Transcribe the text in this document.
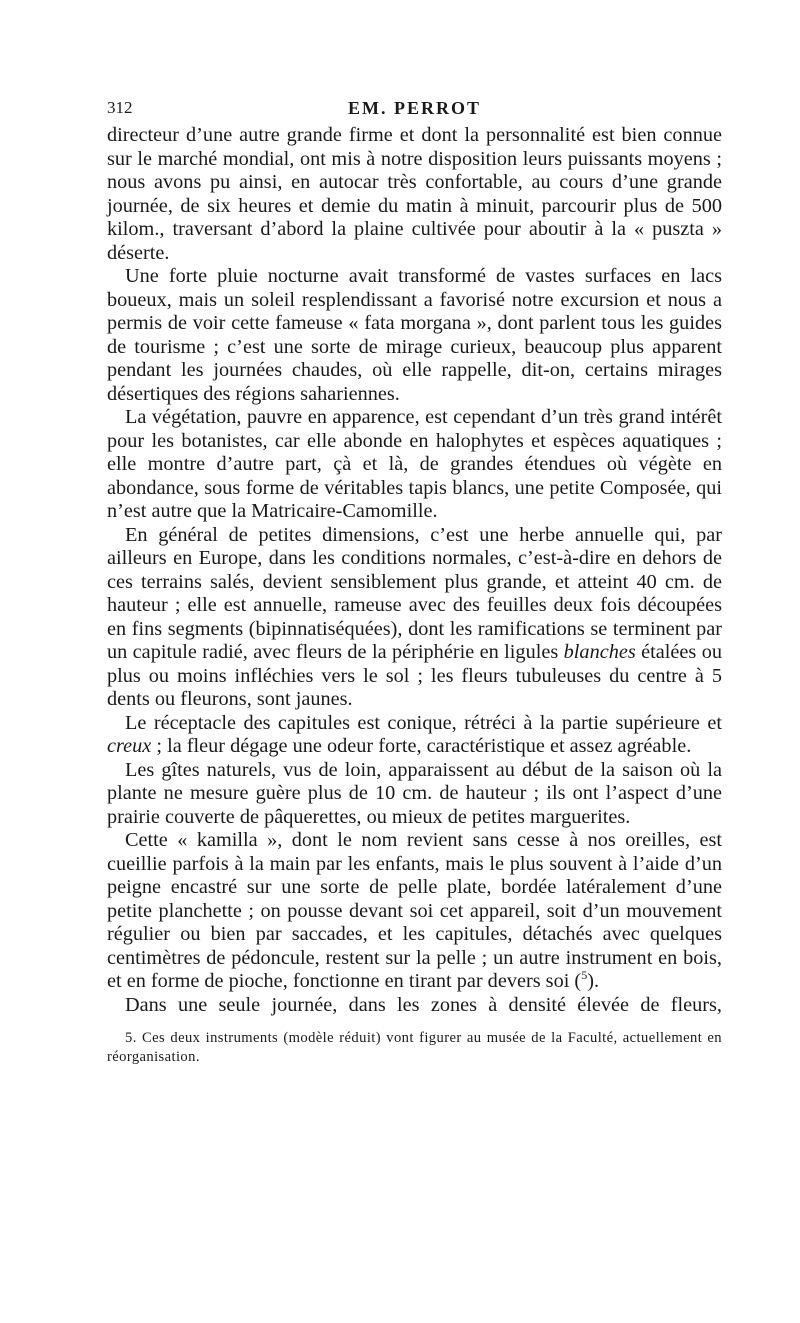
312	EM. PERROT

directeur d’une autre grande firme et dont la personnalité est bien connue sur le marché mondial, ont mis à notre disposition leurs puissants moyens ; nous avons pu ainsi, en autocar très confortable, au cours d’une grande journée, de six heures et demie du matin à minuit, parcourir plus de 500 kilom., traversant d’abord la plaine cultivée pour aboutir à la « puszta » déserte.

Une forte pluie nocturne avait transformé de vastes surfaces en lacs boueux, mais un soleil resplendissant a favorisé notre excursion et nous a permis de voir cette fameuse « fata morgana », dont parlent tous les guides de tourisme ; c’est une sorte de mirage curieux, beaucoup plus apparent pendant les journées chaudes, où elle rappelle, dit-on, certains mirages désertiques des régions sahariennes.

La végétation, pauvre en apparence, est cependant d’un très grand intérêt pour les botanistes, car elle abonde en halophytes et espèces aquatiques ; elle montre d’autre part, çà et là, de grandes étendues où végète en abondance, sous forme de véritables tapis blancs, une petite Composée, qui n’est autre que la Matricaire-Camomille.

En général de petites dimensions, c’est une herbe annuelle qui, par ailleurs en Europe, dans les conditions normales, c’est-à-dire en dehors de ces terrains salés, devient sensiblement plus grande, et atteint 40 cm. de hauteur ; elle est annuelle, rameuse avec des feuilles deux fois découpées en fins segments (bipinnatiséquées), dont les ramifications se terminent par un capitule radié, avec fleurs de la périphérie en ligules blanches étalées ou plus ou moins infléchies vers le sol ; les fleurs tubuleuses du centre à 5 dents ou fleurons, sont jaunes.

Le réceptacle des capitules est conique, rétréci à la partie supérieure et creux ; la fleur dégage une odeur forte, caractéristique et assez agréable.

Les gîtes naturels, vus de loin, apparaissent au début de la saison où la plante ne mesure guère plus de 10 cm. de hauteur ; ils ont l’aspect d’une prairie couverte de pâquerettes, ou mieux de petites marguerites.

Cette « kamilla », dont le nom revient sans cesse à nos oreilles, est cueillie parfois à la main par les enfants, mais le plus souvent à l’aide d’un peigne encastré sur une sorte de pelle plate, bordée latéralement d’une petite planchette ; on pousse devant soi cet appareil, soit d’un mouvement régulier ou bien par saccades, et les capitules, détachés avec quelques centimètres de pédoncule, restent sur la pelle ; un autre instrument en bois, et en forme de pioche, fonctionne en tirant par devers soi ($^5$).

Dans une seule journée, dans les zones à densité élevée de fleurs,

5. Ces deux instruments (modèle réduit) vont figurer au musée de la Faculté, actuellement en réorganisation.
